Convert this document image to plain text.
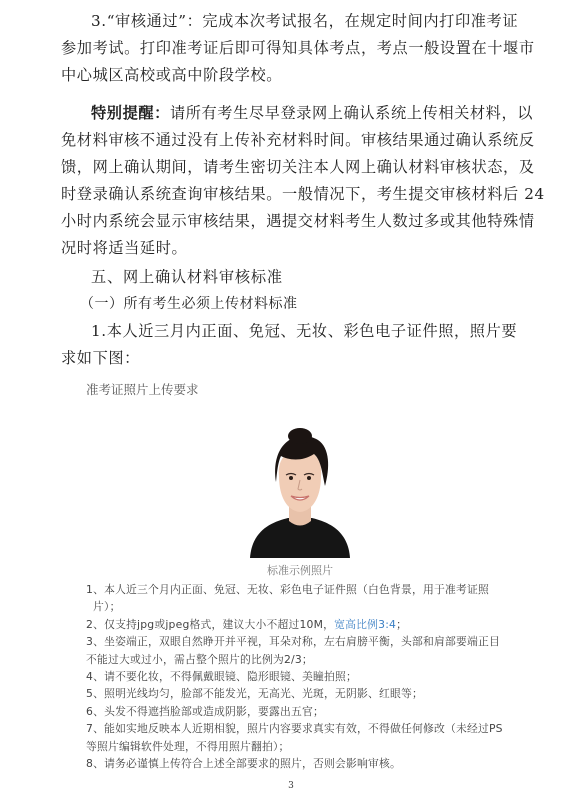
3.“审核通过”：完成本次考试报名，在规定时间内打印准考证
参加考试。打印准考证后即可得知具体考点，考点一般设置在十堰市
中心城区高校或高中阶段学校。
特别提醒：请所有考生尽早登录网上确认系统上传相关材料，以
免材料审核不通过没有上传补充材料时间。审核结果通过确认系统反
馈，网上确认期间，请考生密切关注本人网上确认材料审核状态，及
时登录确认系统查询审核结果。一般情况下，考生提交审核材料后 24
小时内系统会显示审核结果，遇提交材料考生人数过多或其他特殊情
况时将适当延时。
五、网上确认材料审核标准
（一）所有考生必须上传材料标准
1.本人近三月内正面、免冠、无妆、彩色电子证件照，照片要
求如下图：
准考证照片上传要求
标准示例照片
1、本人近三个月内正面、免冠、无妆、彩色电子证件照（白色背景，用于准考证照
片）；
2、仅支持jpg或jpeg格式，建议大小不超过10M，宽高比例3:4；
3、坐姿端正，双眼自然睁开并平视，耳朵对称，左右肩膀平衡，头部和肩部要端正目
不能过大或过小，需占整个照片的比例为2/3；
4、请不要化妆，不得佩戴眼镜、隐形眼镜、美瞳拍照；
5、照明光线均匀，脸部不能发光，无高光、光斑，无阴影、红眼等；
6、头发不得遮挡脸部或造成阴影，要露出五官；
7、能如实地反映本人近期相貌，照片内容要求真实有效，不得做任何修改（未经过PS
等照片编辑软件处理，不得用照片翻拍）；
8、请务必谨慎上传符合上述全部要求的照片，否则会影响审核。
3
